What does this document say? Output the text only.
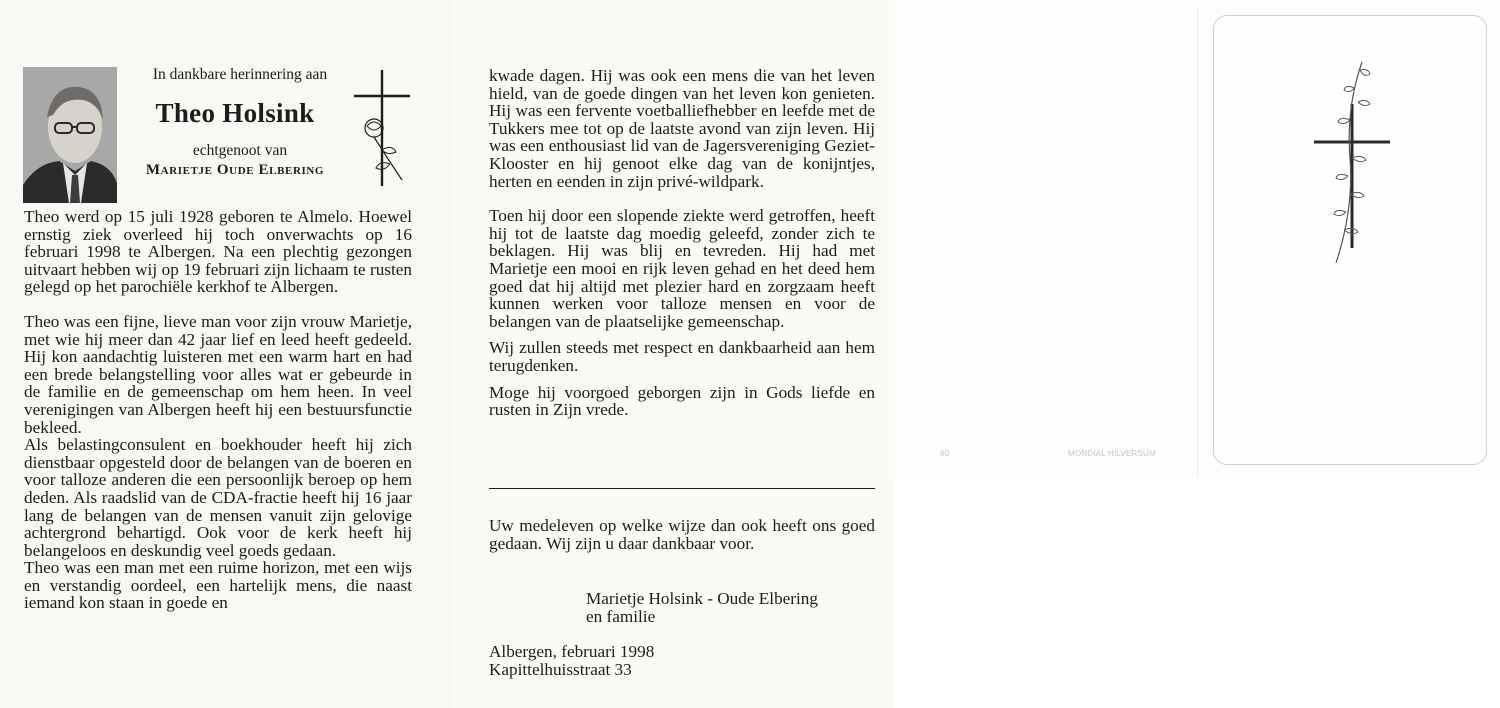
In dankbare herinnering aan
Theo Holsink
echtgenoot van
Marietje Oude Elbering

Theo werd op 15 juli 1928 geboren te Almelo. Hoewel ernstig ziek overleed hij toch onverwachts op 16 februari 1998 te Albergen. Na een plechtig gezongen uitvaart hebben wij op 19 februari zijn lichaam te rusten gelegd op het parochiële kerkhof te Albergen.

Theo was een fijne, lieve man voor zijn vrouw Marietje, met wie hij meer dan 42 jaar lief en leed heeft gedeeld. Hij kon aandachtig luisteren met een warm hart en had een brede belangstelling voor alles wat er gebeurde in de familie en de gemeenschap om hem heen. In veel verenigingen van Albergen heeft hij een bestuursfunctie bekleed.

Als belastingconsulent en boekhouder heeft hij zich dienstbaar opgesteld door de belangen van de boeren en voor talloze anderen die een persoonlijk beroep op hem deden. Als raadslid van de CDA-fractie heeft hij 16 jaar lang de belangen van de mensen vanuit zijn gelovige achtergrond behartigd. Ook voor de kerk heeft hij belangeloos en deskundig veel goeds gedaan.

Theo was een man met een ruime horizon, met een wijs en verstandig oordeel, een hartelijk mens, die naast iemand kon staan in goede en

kwade dagen. Hij was ook een mens die van het leven hield, van de goede dingen van het leven kon genieten. Hij was een fervente voetballiefhebber en leefde met de Tukkers mee tot op de laatste avond van zijn leven. Hij was een enthousiast lid van de Jagersvereniging Geziet-Klooster en hij genoot elke dag van de konijntjes, herten en eenden in zijn privé-wildpark.

Toen hij door een slopende ziekte werd getroffen, heeft hij tot de laatste dag moedig geleefd, zonder zich te beklagen. Hij was blij en tevreden. Hij had met Marietje een mooi en rijk leven gehad en het deed hem goed dat hij altijd met plezier hard en zorgzaam heeft kunnen werken voor talloze mensen en voor de belangen van de plaatselijke gemeenschap.

Wij zullen steeds met respect en dankbaarheid aan hem terugdenken.

Moge hij voorgoed geborgen zijn in Gods liefde en rusten in Zijn vrede.

Uw medeleven op welke wijze dan ook heeft ons goed gedaan. Wij zijn u daar dankbaar voor.
Marietje Holsink - Oude Elbering
en familie
Albergen, februari 1998
Kapittelhuisstraat 33
60	MONDIAL HILVERSUM
